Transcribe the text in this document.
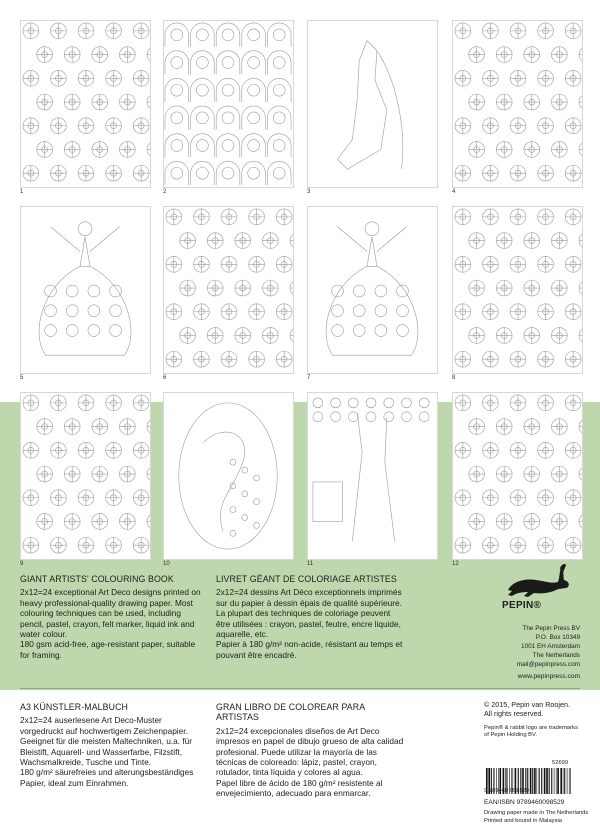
1	2	3	4
5	6	7	8
9	10	11	12
GIANT ARTISTS' COLOURING BOOK

2x12=24 exceptional Art Deco designs printed on heavy professional-quality drawing paper. Most colouring techniques can be used, including pencil, pastel, crayon, felt marker, liquid ink and water colour.

180 gsm acid-free, age-resistant paper, suitable for framing.

LIVRET GÉANT DE COLORIAGE ARTISTES

2x12=24 dessins Art Déco exceptionnels imprimés sur du papier à dessin épais de qualité supérieure. La plupart des techniques de coloriage peuvent être utilisées : crayon, pastel, feutre, encre liquide, aquarelle, etc.

Papier à 180 g/m² non-acide, résistant au temps et pouvant être encadré.

PEPIN®
The Pepin Press BV
P.O. Box 10349
1001 EH Amsterdam
The Netherlands
mail@pepinpress.com
www.pepinpress.com
A3 KÜNSTLER-MALBUCH

2x12=24 auserlesene Art Deco-Muster vorgedruckt auf hochwertigem Zeichenpapier. Geeignet für die meisten Maltechniken, u.a. für Bleistift, Aquarell- und Wasserfarbe, Filzstift, Wachsmalkreide, Tusche und Tinte.

180 g/m² säurefreies und alterungsbeständiges Papier, ideal zum Einrahmen.

GRAN LIBRO DE COLOREAR PARA ARTISTAS

2x12=24 excepcionales diseños de Art Deco impresos en papel de dibujo grueso de alta calidad profesional. Puede utilizar la mayoría de las técnicas de coloreado: lápiz, pastel, crayon, rotulador, tinta líquida y colores al agua.

Papel libre de ácido de 180 g/m² resistente al envejecimiento, adecuado para enmarcar.

© 2015, Pepin van Roojen.
All rights reserved.
Pepin® & rabbit logo are trademarks of Pepin Holding BV.
9 789460 098529
52699
EAN/ISBN 9789460098529
Drawing paper made in The Netherlands
Printed and bound in Malaysia
